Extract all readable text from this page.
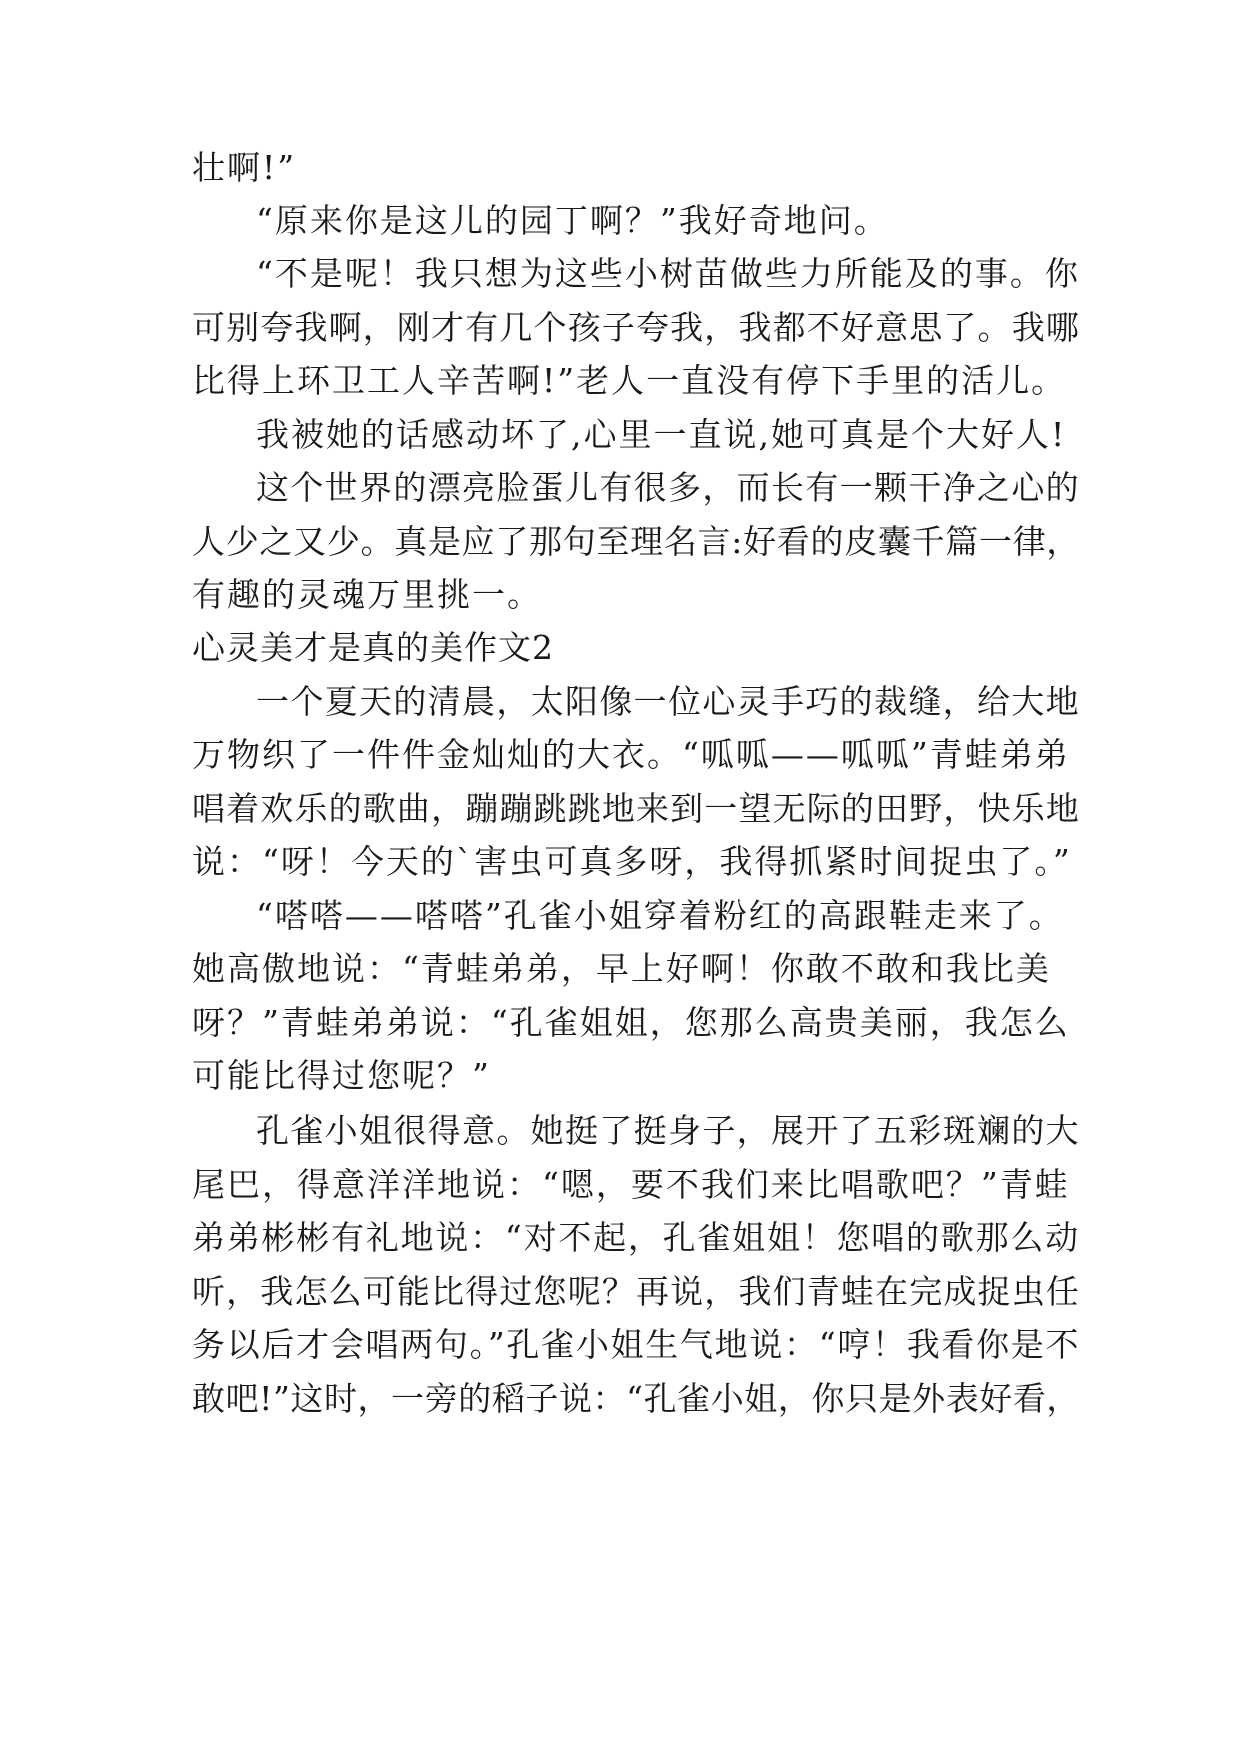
壮啊!”
“原来你是这儿的园丁啊？”我好奇地问。
“不是呢！我只想为这些小树苗做些力所能及的事。你
可别夸我啊，刚才有几个孩子夸我，我都不好意思了。我哪
比得上环卫工人辛苦啊!”老人一直没有停下手里的活儿。
我被她的话感动坏了,心里一直说,她可真是个大好人!
这个世界的漂亮脸蛋儿有很多，而长有一颗干净之心的
人少之又少。真是应了那句至理名言:好看的皮囊千篇一律，
有趣的灵魂万里挑一。
心灵美才是真的美作文2
一个夏天的清晨，太阳像一位心灵手巧的裁缝，给大地
万物织了一件件金灿灿的大衣。“呱呱——呱呱”青蛙弟弟
唱着欢乐的歌曲，蹦蹦跳跳地来到一望无际的田野，快乐地
说：“呀！今天的`害虫可真多呀，我得抓紧时间捉虫了。”
“嗒嗒——嗒嗒”孔雀小姐穿着粉红的高跟鞋走来了。
她高傲地说：“青蛙弟弟，早上好啊！你敢不敢和我比美
呀？”青蛙弟弟说：“孔雀姐姐，您那么高贵美丽，我怎么
可能比得过您呢？”
孔雀小姐很得意。她挺了挺身子，展开了五彩斑斓的大
尾巴，得意洋洋地说：“嗯，要不我们来比唱歌吧？”青蛙
弟弟彬彬有礼地说：“对不起，孔雀姐姐！您唱的歌那么动
听，我怎么可能比得过您呢？再说，我们青蛙在完成捉虫任
务以后才会唱两句。”孔雀小姐生气地说：“哼！我看你是不
敢吧!”这时，一旁的稻子说：“孔雀小姐，你只是外表好看，
